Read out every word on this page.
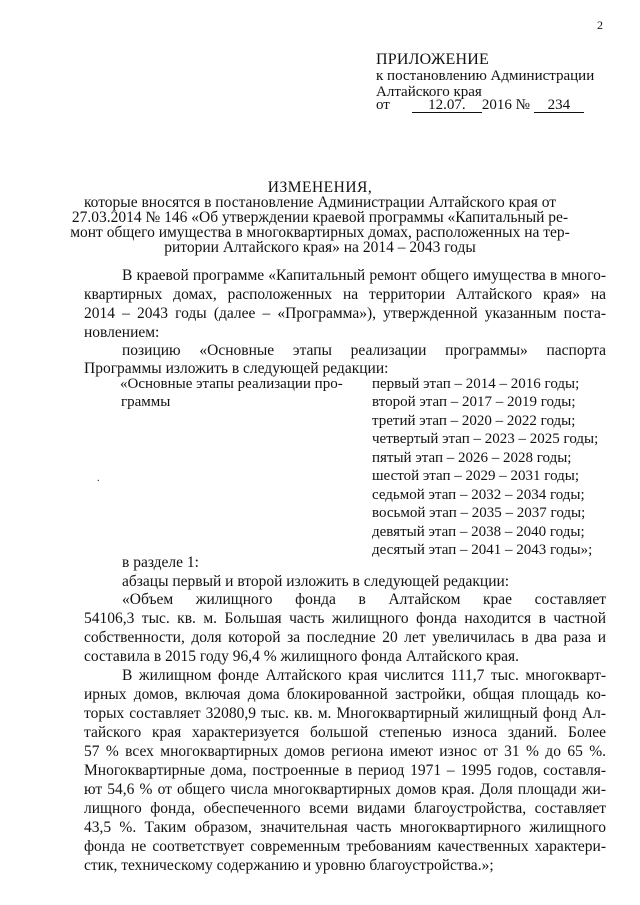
2
ПРИЛОЖЕНИЕ
к постановлению Администрации
Алтайского края
от	12.07. 2016 № 234
ИЗМЕНЕНИЯ,
которые вносятся в постановление Администрации Алтайского края от
27.03.2014 № 146 «Об утверждении краевой программы «Капитальный ре-
монт общего имущества в многоквартирных домах, расположенных на тер-
ритории Алтайского края» на 2014 – 2043 годы
В краевой программе «Капитальный ремонт общего имущества в много-
квартирных домах, расположенных на территории Алтайского края» на
2014 – 2043 годы (далее – «Программа»), утвержденной указанным поста-
новлением:
позицию «Основные этапы реализации программы» паспорта
Программы изложить в следующей редакции:
«Основные этапы реализации про-
граммы
первый этап – 2014 – 2016 годы;
второй этап – 2017 – 2019 годы;
третий этап – 2020 – 2022 годы;
четвертый этап – 2023 – 2025 годы;
пятый этап – 2026 – 2028 годы;
шестой этап – 2029 – 2031 годы;
седьмой этап – 2032 – 2034 годы;
восьмой этап – 2035 – 2037 годы;
девятый этап – 2038 – 2040 годы;
десятый этап – 2041 – 2043 годы»;
.
в разделе 1:
абзацы первый и второй изложить в следующей редакции:
«Объем жилищного фонда в Алтайском крае составляет
54106,3 тыс. кв. м. Большая часть жилищного фонда находится в частной
собственности, доля которой за последние 20 лет увеличилась в два раза и
составила в 2015 году 96,4 % жилищного фонда Алтайского края.
В жилищном фонде Алтайского края числится 111,7 тыс. многокварт-
ирных домов, включая дома блокированной застройки, общая площадь ко-
торых составляет 32080,9 тыс. кв. м. Многоквартирный жилищный фонд Ал-
тайского края характеризуется большой степенью износа зданий. Более
57 % всех многоквартирных домов региона имеют износ от 31 % до 65 %.
Многоквартирные дома, построенные в период 1971 – 1995 годов, составля-
ют 54,6 % от общего числа многоквартирных домов края. Доля площади жи-
лищного фонда, обеспеченного всеми видами благоустройства, составляет
43,5 %. Таким образом, значительная часть многоквартирного жилищного
фонда не соответствует современным требованиям качественных характери-
стик, техническому содержанию и уровню благоустройства.»;
